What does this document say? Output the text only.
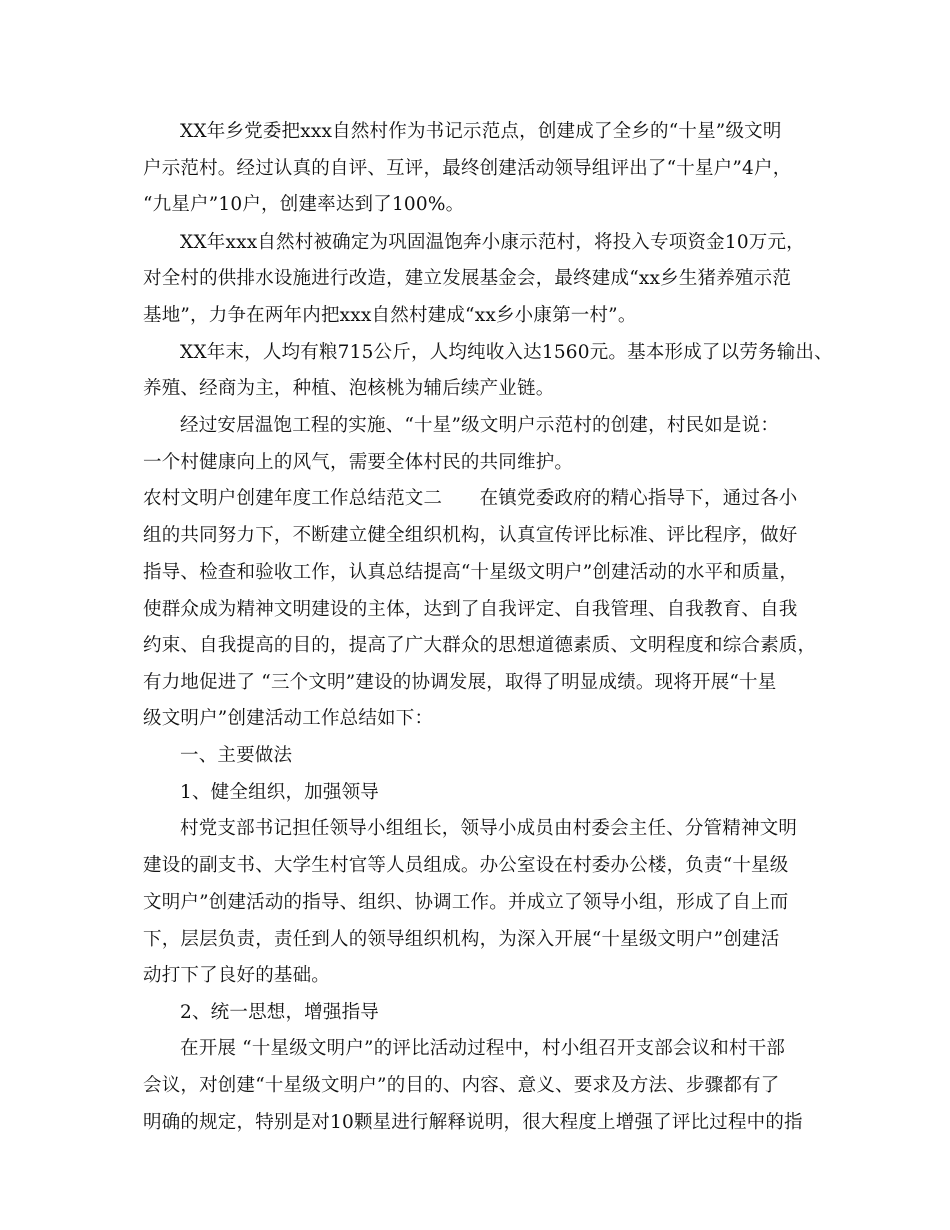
XX年乡党委把xxx自然村作为书记示范点，创建成了全乡的“十星”级文明
户示范村。经过认真的自评、互评，最终创建活动领导组评出了“十星户”4户，
“九星户”10户，创建率达到了100%。
XX年xxx自然村被确定为巩固温饱奔小康示范村，将投入专项资金10万元，
对全村的供排水设施进行改造，建立发展基金会，最终建成“xx乡生猪养殖示范
基地”，力争在两年内把xxx自然村建成“xx乡小康第一村”。
XX年末，人均有粮715公斤，人均纯收入达1560元。基本形成了以劳务输出、
养殖、经商为主，种植、泡核桃为辅后续产业链。
经过安居温饱工程的实施、“十星”级文明户示范村的创建，村民如是说：
一个村健康向上的风气，需要全体村民的共同维护。
农村文明户创建年度工作总结范文二　　在镇党委政府的精心指导下，通过各小
组的共同努力下，不断建立健全组织机构，认真宣传评比标准、评比程序，做好
指导、检查和验收工作，认真总结提高“十星级文明户”创建活动的水平和质量，
使群众成为精神文明建设的主体，达到了自我评定、自我管理、自我教育、自我
约束、自我提高的目的，提高了广大群众的思想道德素质、文明程度和综合素质，
有力地促进了 “三个文明”建设的协调发展，取得了明显成绩。现将开展“十星
级文明户”创建活动工作总结如下：
一、主要做法
1、健全组织，加强领导
村党支部书记担任领导小组组长，领导小成员由村委会主任、分管精神文明
建设的副支书、大学生村官等人员组成。办公室设在村委办公楼，负责“十星级
文明户”创建活动的指导、组织、协调工作。并成立了领导小组，形成了自上而
下，层层负责，责任到人的领导组织机构，为深入开展“十星级文明户”创建活
动打下了良好的基础。
2、统一思想，增强指导
在开展 “十星级文明户”的评比活动过程中，村小组召开支部会议和村干部
会议，对创建“十星级文明户”的目的、内容、意义、要求及方法、步骤都有了
明确的规定，特别是对10颗星进行解释说明，很大程度上增强了评比过程中的指
